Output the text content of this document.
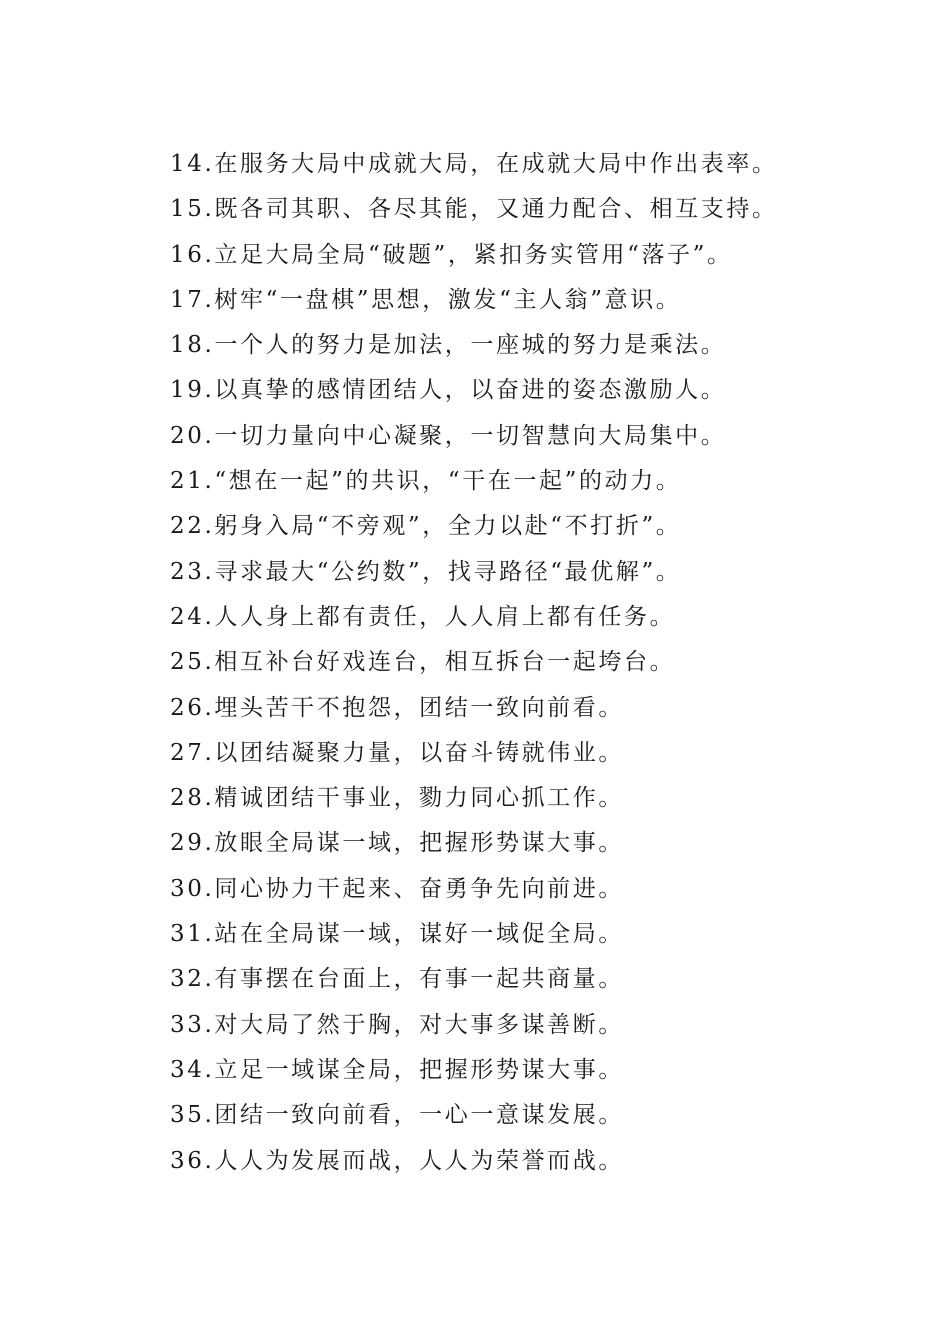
14.在服务大局中成就大局，在成就大局中作出表率。
15.既各司其职、各尽其能，又通力配合、相互支持。
16.立足大局全局“破题”，紧扣务实管用“落子”。
17.树牢“一盘棋”思想，激发“主人翁”意识。
18.一个人的努力是加法，一座城的努力是乘法。
19.以真挚的感情团结人，以奋进的姿态激励人。
20.一切力量向中心凝聚，一切智慧向大局集中。
21.“想在一起”的共识，“干在一起”的动力。
22.躬身入局“不旁观”，全力以赴“不打折”。
23.寻求最大“公约数”，找寻路径“最优解”。
24.人人身上都有责任，人人肩上都有任务。
25.相互补台好戏连台，相互拆台一起垮台。
26.埋头苦干不抱怨，团结一致向前看。
27.以团结凝聚力量，以奋斗铸就伟业。
28.精诚团结干事业，勠力同心抓工作。
29.放眼全局谋一域，把握形势谋大事。
30.同心协力干起来、奋勇争先向前进。
31.站在全局谋一域，谋好一域促全局。
32.有事摆在台面上，有事一起共商量。
33.对大局了然于胸，对大事多谋善断。
34.立足一域谋全局，把握形势谋大事。
35.团结一致向前看，一心一意谋发展。
36.人人为发展而战，人人为荣誉而战。
